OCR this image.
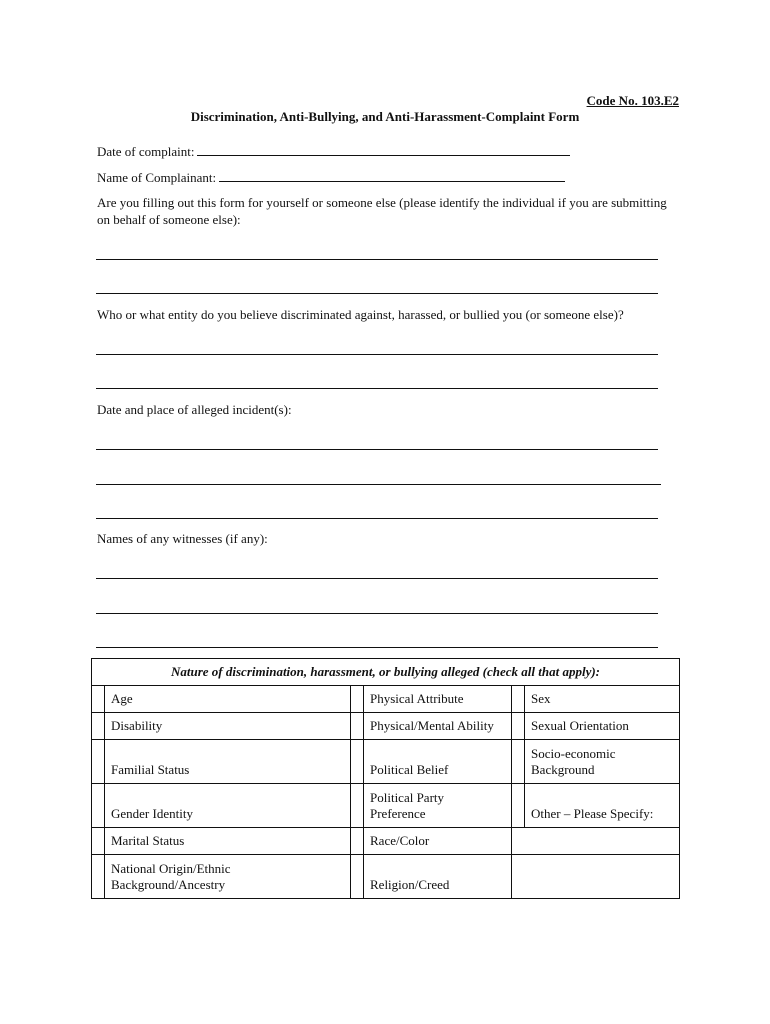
Code No. 103.E2
Discrimination, Anti-Bullying, and Anti-Harassment-Complaint Form
Date of complaint:
Name of Complainant:
Are you filling out this form for yourself or someone else (please identify the individual if you are submitting on behalf of someone else):
Who or what entity do you believe discriminated against, harassed, or bullied you (or someone else)?
Date and place of alleged incident(s):
Names of any witnesses (if any):
Nature of discrimination, harassment, or bullying alleged (check all that apply):					
	Age		Physical Attribute		Sex
	Disability		Physical/Mental Ability		Sexual Orientation
	Familial Status		Political Belief		Socio-economic Background
	Gender Identity		Political Party Preference		Other – Please Specify:
	Marital Status		Race/Color		
	National Origin/Ethnic Background/Ancestry		Religion/Creed		
